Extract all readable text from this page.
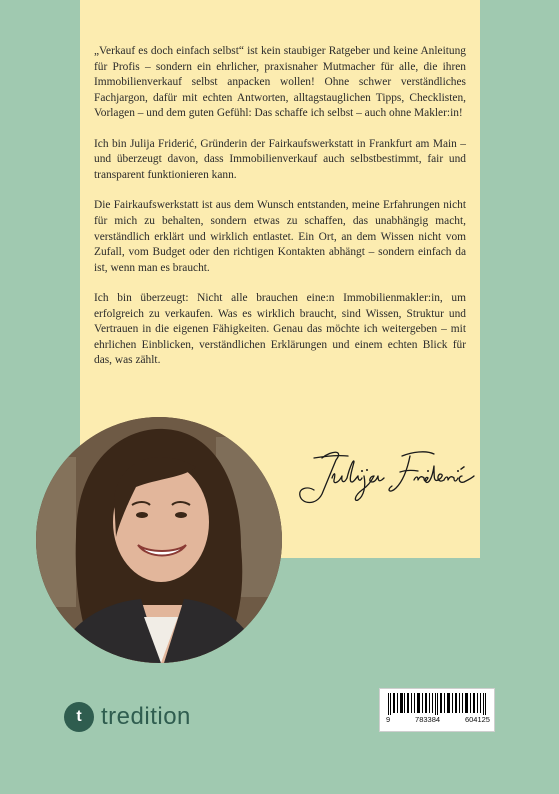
„Verkauf es doch einfach selbst“ ist kein staubiger Ratgeber und keine Anleitung für Profis – sondern ein ehrlicher, praxisnaher Mutmacher für alle, die ihren Immobilienverkauf selbst anpacken wollen! Ohne schwer verständliches Fachjargon, dafür mit echten Antworten, alltagstauglichen Tipps, Checklisten, Vorlagen – und dem guten Gefühl: Das schaffe ich selbst – auch ohne Makler:in!

Ich bin Julija Friderić, Gründerin der Fairkaufswerkstatt in Frankfurt am Main – und überzeugt davon, dass Immobilienverkauf auch selbstbestimmt, fair und transparent funktionieren kann.

Die Fairkaufswerkstatt ist aus dem Wunsch entstanden, meine Erfahrungen nicht für mich zu behalten, sondern etwas zu schaffen, das unabhängig macht, verständlich erklärt und wirklich entlastet. Ein Ort, an dem Wissen nicht vom Zufall, vom Budget oder den richtigen Kontakten abhängt – sondern einfach da ist, wenn man es braucht.

Ich bin überzeugt: Nicht alle brauchen eine:n Immobilienmakler:in, um erfolgreich zu verkaufen. Was es wirklich braucht, sind Wissen, Struktur und Vertrauen in die eigenen Fähigkeiten. Genau das möchte ich weitergeben – mit ehrlichen Einblicken, verständlichen Erklärungen und einem echten Blick für das, was zählt.

t tredition	9	783384	604125
